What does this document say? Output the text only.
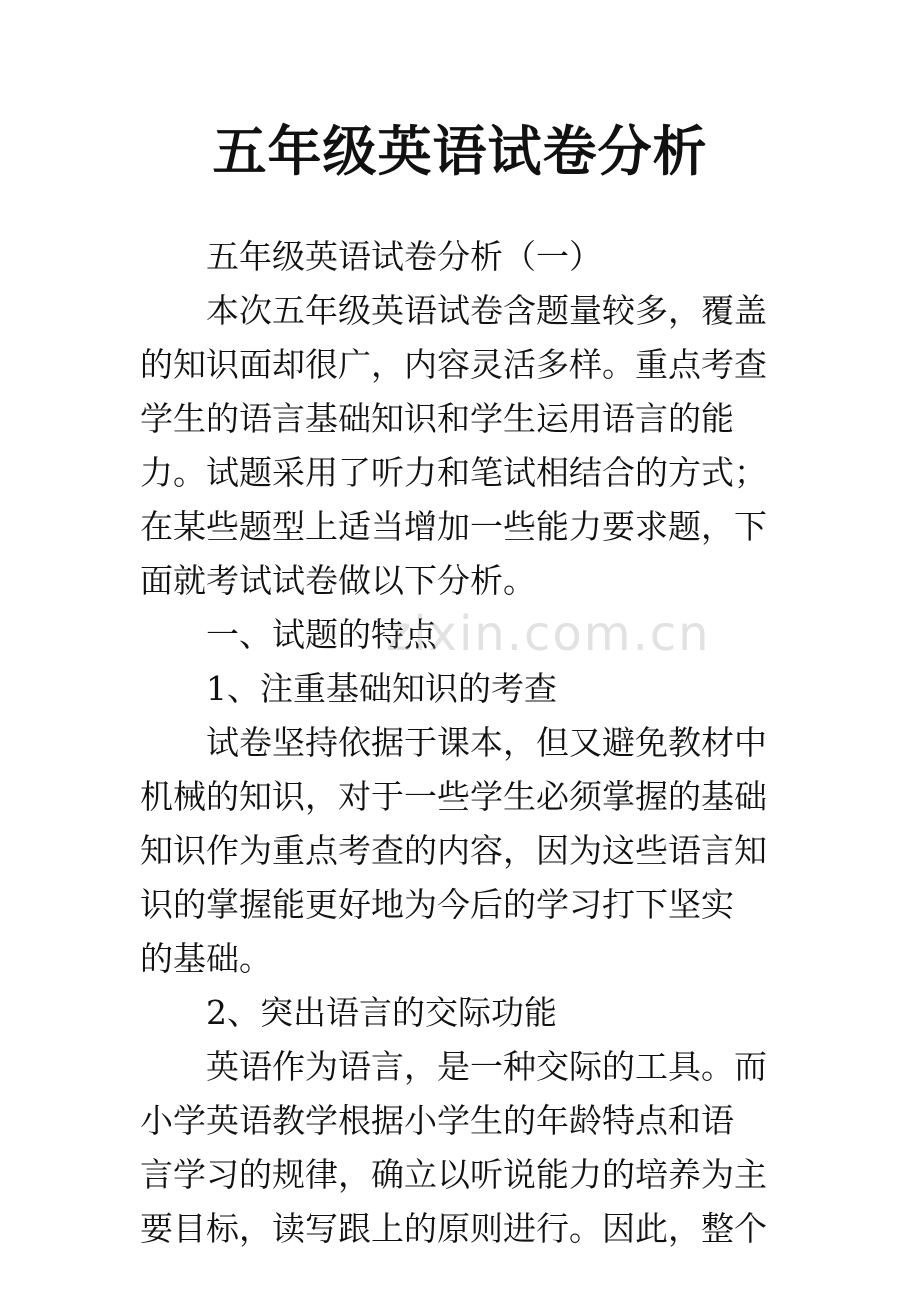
五年级英语试卷分析
五年级英语试卷分析（一）
本次五年级英语试卷含题量较多，覆盖
的知识面却很广，内容灵活多样。重点考查
学生的语言基础知识和学生运用语言的能
力。试题采用了听力和笔试相结合的方式；
在某些题型上适当增加一些能力要求题，下
面就考试试卷做以下分析。
一、试题的特点
1、注重基础知识的考查
试卷坚持依据于课本，但又避免教材中
机械的知识，对于一些学生必须掌握的基础
知识作为重点考查的内容，因为这些语言知
识的掌握能更好地为今后的学习打下坚实
的基础。
2、突出语言的交际功能
英语作为语言，是一种交际的工具。而
小学英语教学根据小学生的年龄特点和语
言学习的规律，确立以听说能力的培养为主
要目标，读写跟上的原则进行。因此，整个
zixin.com.cn
